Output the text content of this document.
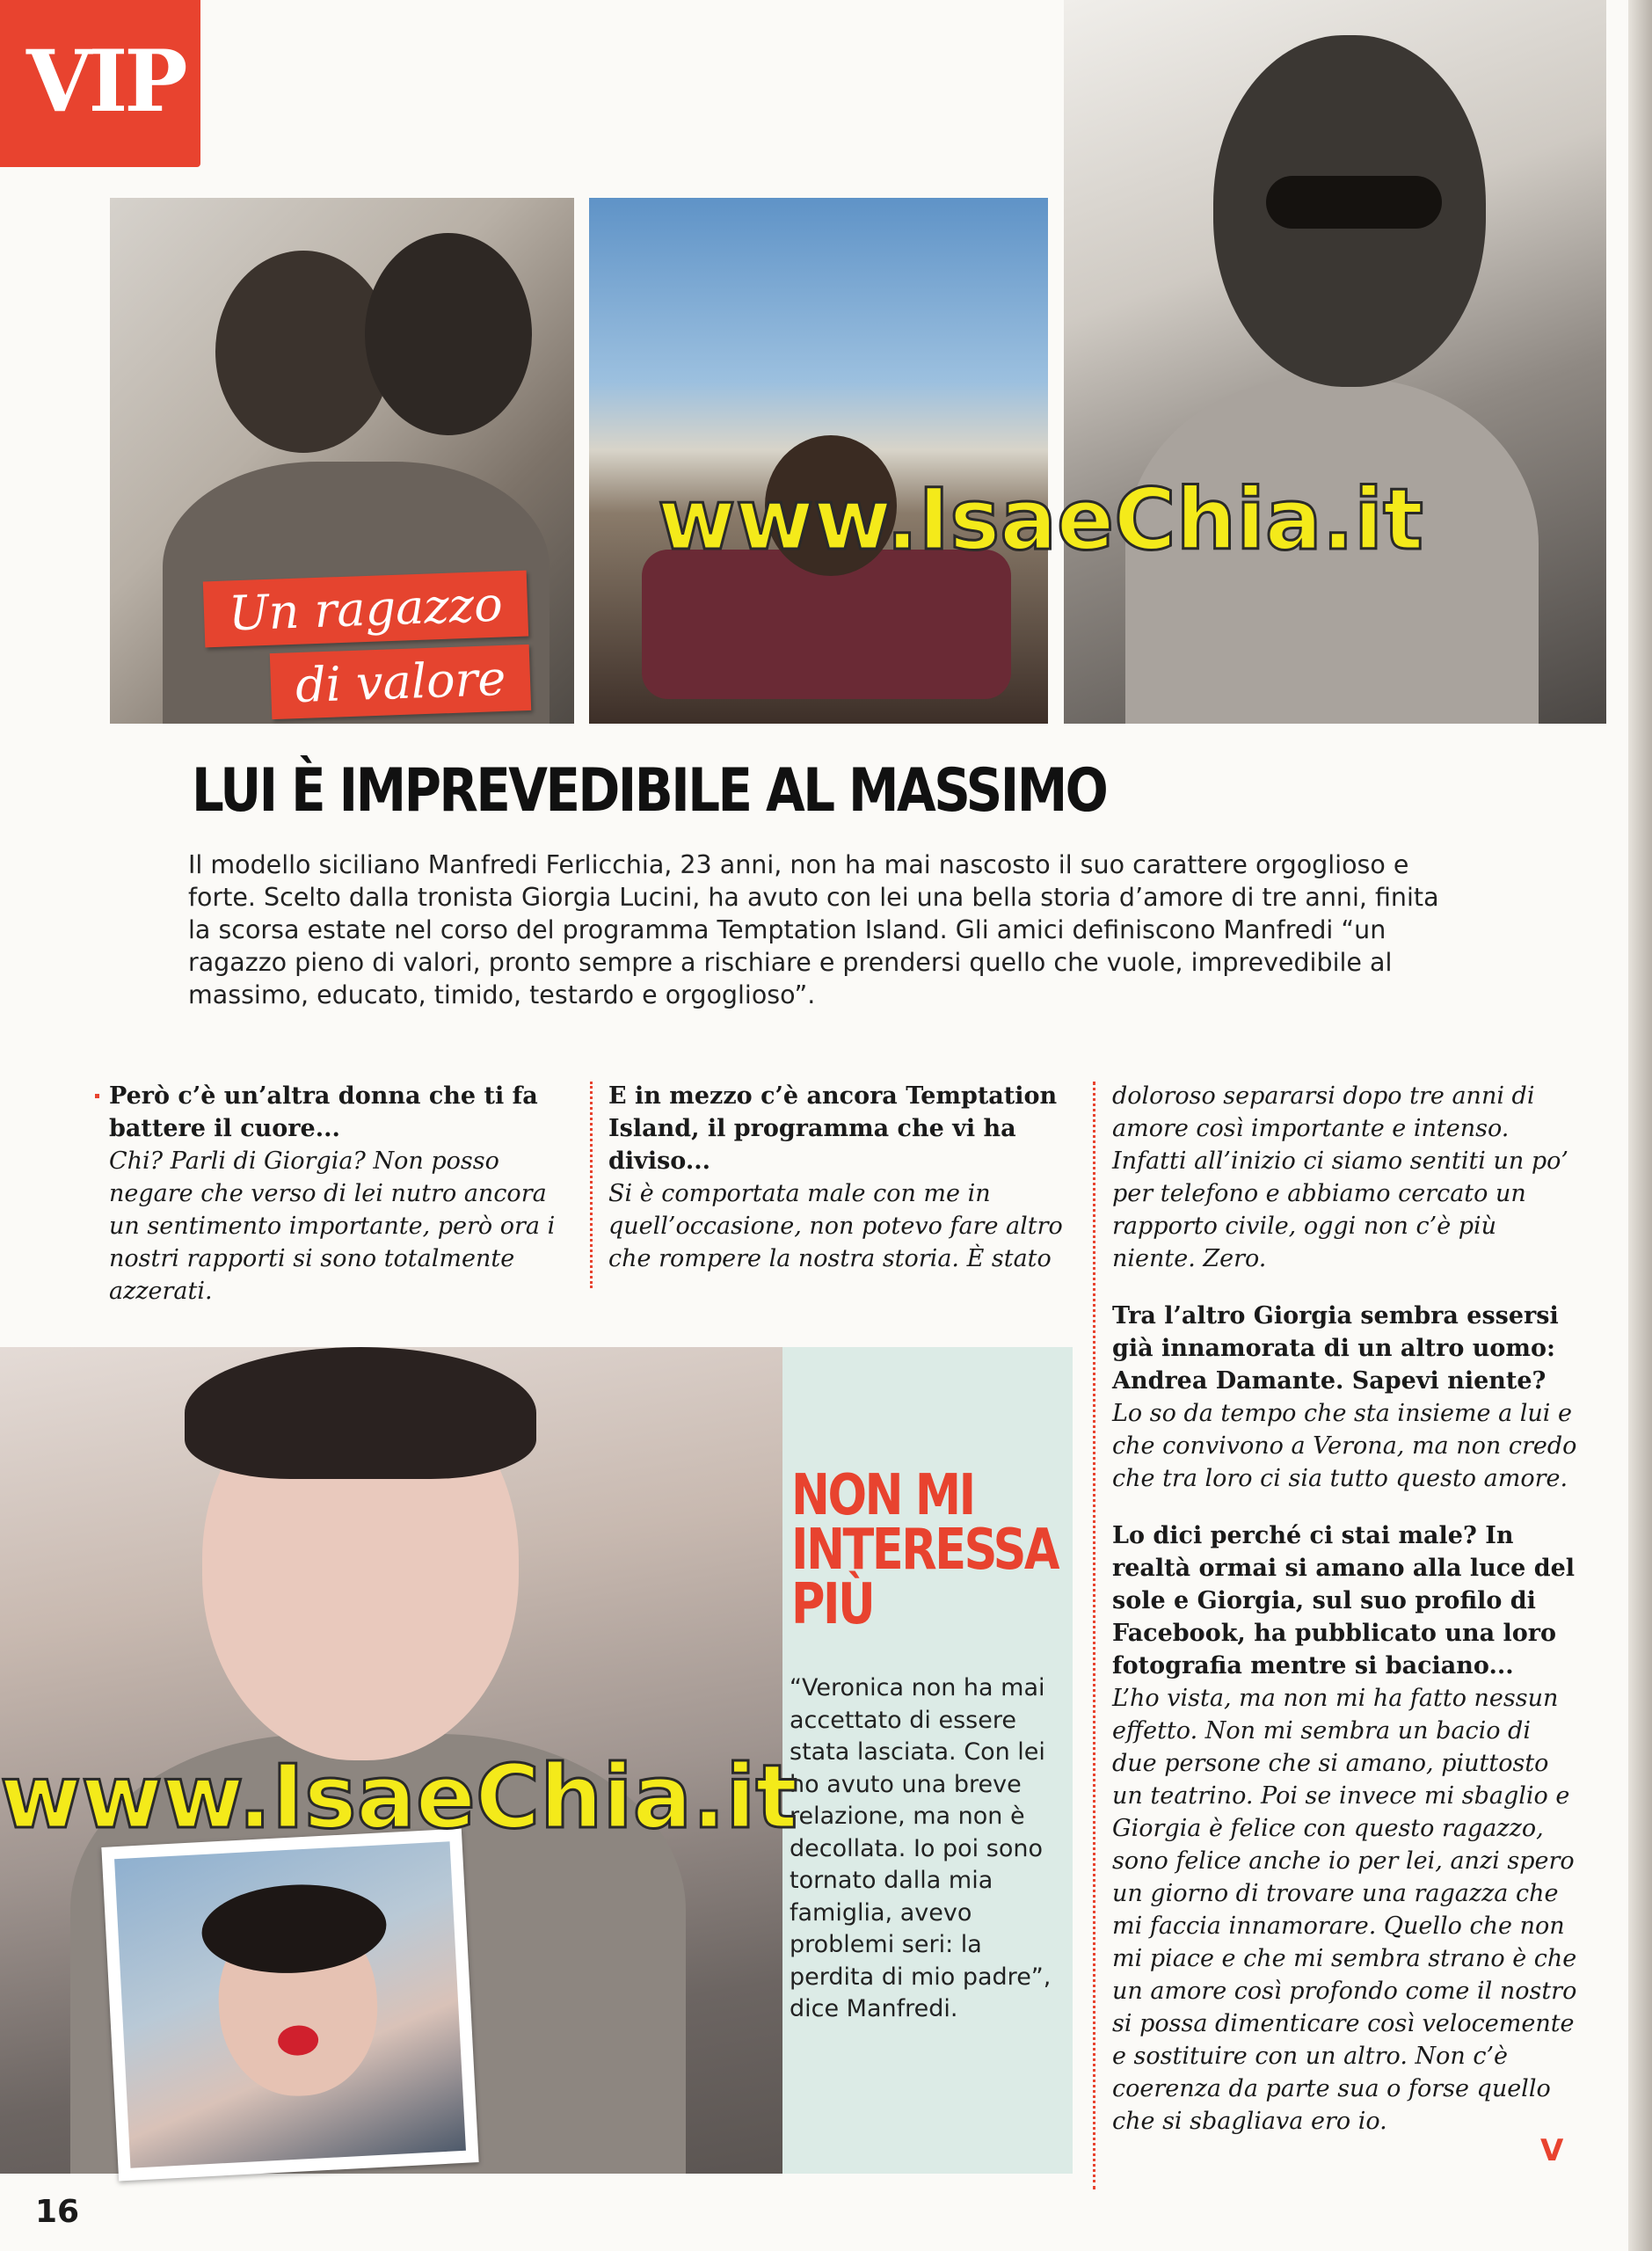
VIP
www.IsaeChia.it
Un ragazzo
di valore
LUI È IMPREVEDIBILE AL MASSIMO
Il modello siciliano Manfredi Ferlicchia, 23 anni, non ha mai nascosto il suo carattere orgoglioso e forte. Scelto dalla tronista Giorgia Lucini, ha avuto con lei una bella storia d’amore di tre anni, finita la scorsa estate nel corso del programma Temptation Island. Gli amici definiscono Manfredi “un ragazzo pieno di valori, pronto sempre a rischiare e prendersi quello che vuole, imprevedibile al massimo, educato, timido, testardo e orgoglioso”.
Però c’è un’altra donna che ti fa battere il cuore...
Chi? Parli di Giorgia? Non posso negare che verso di lei nutro ancora un sentimento importante, però ora i nostri rapporti si sono totalmente azzerati.
E in mezzo c’è ancora Temptation Island, il programma che vi ha diviso...
Si è comportata male con me in quell’occasione, non potevo fare altro che rompere la nostra storia. È stato

doloroso separarsi dopo tre anni di amore così importante e intenso. Infatti all’inizio ci siamo sentiti un po’ per telefono e abbiamo cercato un rapporto civile, oggi non c’è più niente. Zero.

Tra l’altro Giorgia sembra essersi già innamorata di un altro uomo: Andrea Damante. Sapevi niente?
Lo so da tempo che sta insieme a lui e che convivono a Verona, ma non credo che tra loro ci sia tutto questo amore.

Lo dici perché ci stai male? In realtà ormai si amano alla luce del sole e Giorgia, sul suo profilo di Facebook, ha pubblicato una loro fotografia mentre si baciano...
L’ho vista, ma non mi ha fatto nessun effetto. Non mi sembra un bacio di due persone che si amano, piuttosto un teatrino. Poi se invece mi sbaglio e Giorgia è felice con questo ragazzo, sono felice anche io per lei, anzi spero un giorno di trovare una ragazza che mi faccia innamorare. Quello che non mi piace e che mi sembra strano è che un amore così profondo come il nostro si possa dimenticare così velocemente e sostituire con un altro. Non c’è coerenza da parte sua o forse quello che si sbagliava ero io.

NON MI
INTERESSA
PIÙ
“Veronica non ha mai accettato di essere stata lasciata. Con lei ho avuto una breve relazione, ma non è decollata. Io poi sono tornato dalla mia famiglia, avevo problemi seri: la perdita di mio padre”, dice Manfredi.
www.IsaeChia.it
16
V
